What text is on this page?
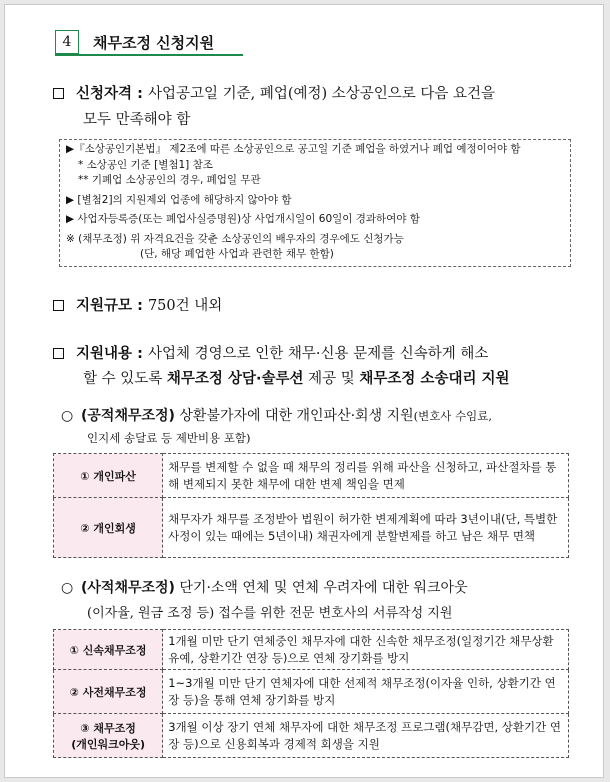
4	채무조정 신청지원
신청자격 : 사업공고일 기준, 폐업(예정) 소상공인으로 다음 요건을
모두 만족해야 함
▶『소상공인기본법』 제2조에 따른 소상공인으로 공고일 기준 폐업을 하였거나 폐업 예정이어야 함
* 소상공인 기준 [별첨1] 참조
** 기폐업 소상공인의 경우, 폐업일 무관
▶ [별첨2]의 지원제외 업종에 해당하지 않아야 함
▶ 사업자등록증(또는 폐업사실증명원)상 사업개시일이 60일이 경과하여야 함
※ (채무조정) 위 자격요건을 갖춘 소상공인의 배우자의 경우에도 신청가능
(단, 해당 폐업한 사업과 관련한 채무 한함)
지원규모 : 750건 내외
지원내용 : 사업체 경영으로 인한 채무·신용 문제를 신속하게 해소
할 수 있도록 채무조정 상담·솔루션 제공 및 채무조정 소송대리 지원
○ (공적채무조정) 상환불가자에 대한 개인파산·회생 지원(변호사 수임료,
인지세 송달료 등 제반비용 포함)
① 개인파산	채무를 변제할 수 없을 때 채무의 정리를 위해 파산을 신청하고, 파산절차를 통해 변제되지 못한 채무에 대한 변제 책임을 면제
② 개인회생	채무자가 채무를 조정받아 법원이 허가한 변제계획에 따라 3년이내(단, 특별한 사정이 있는 때에는 5년이내) 채권자에게 분할변제를 하고 남은 채무 면책
○ (사적채무조정) 단기·소액 연체 및 연체 우려자에 대한 워크아웃
(이자율, 원금 조정 등) 접수를 위한 전문 변호사의 서류작성 지원
① 신속채무조정	1개월 미만 단기 연체중인 채무자에 대한 신속한 채무조정(일정기간 채무상환 유예, 상환기간 연장 등)으로 연체 장기화를 방지
② 사전채무조정	1~3개월 미만 단기 연체자에 대한 선제적 채무조정(이자율 인하, 상환기간 연장 등)을 통해 연체 장기화를 방지

③ 채무조정
(개인워크아웃)	3개월 이상 장기 연체 채무자에 대한 채무조정 프로그램(채무감면, 상환기간 연장 등)으로 신용회복과 경제적 회생을 지원
